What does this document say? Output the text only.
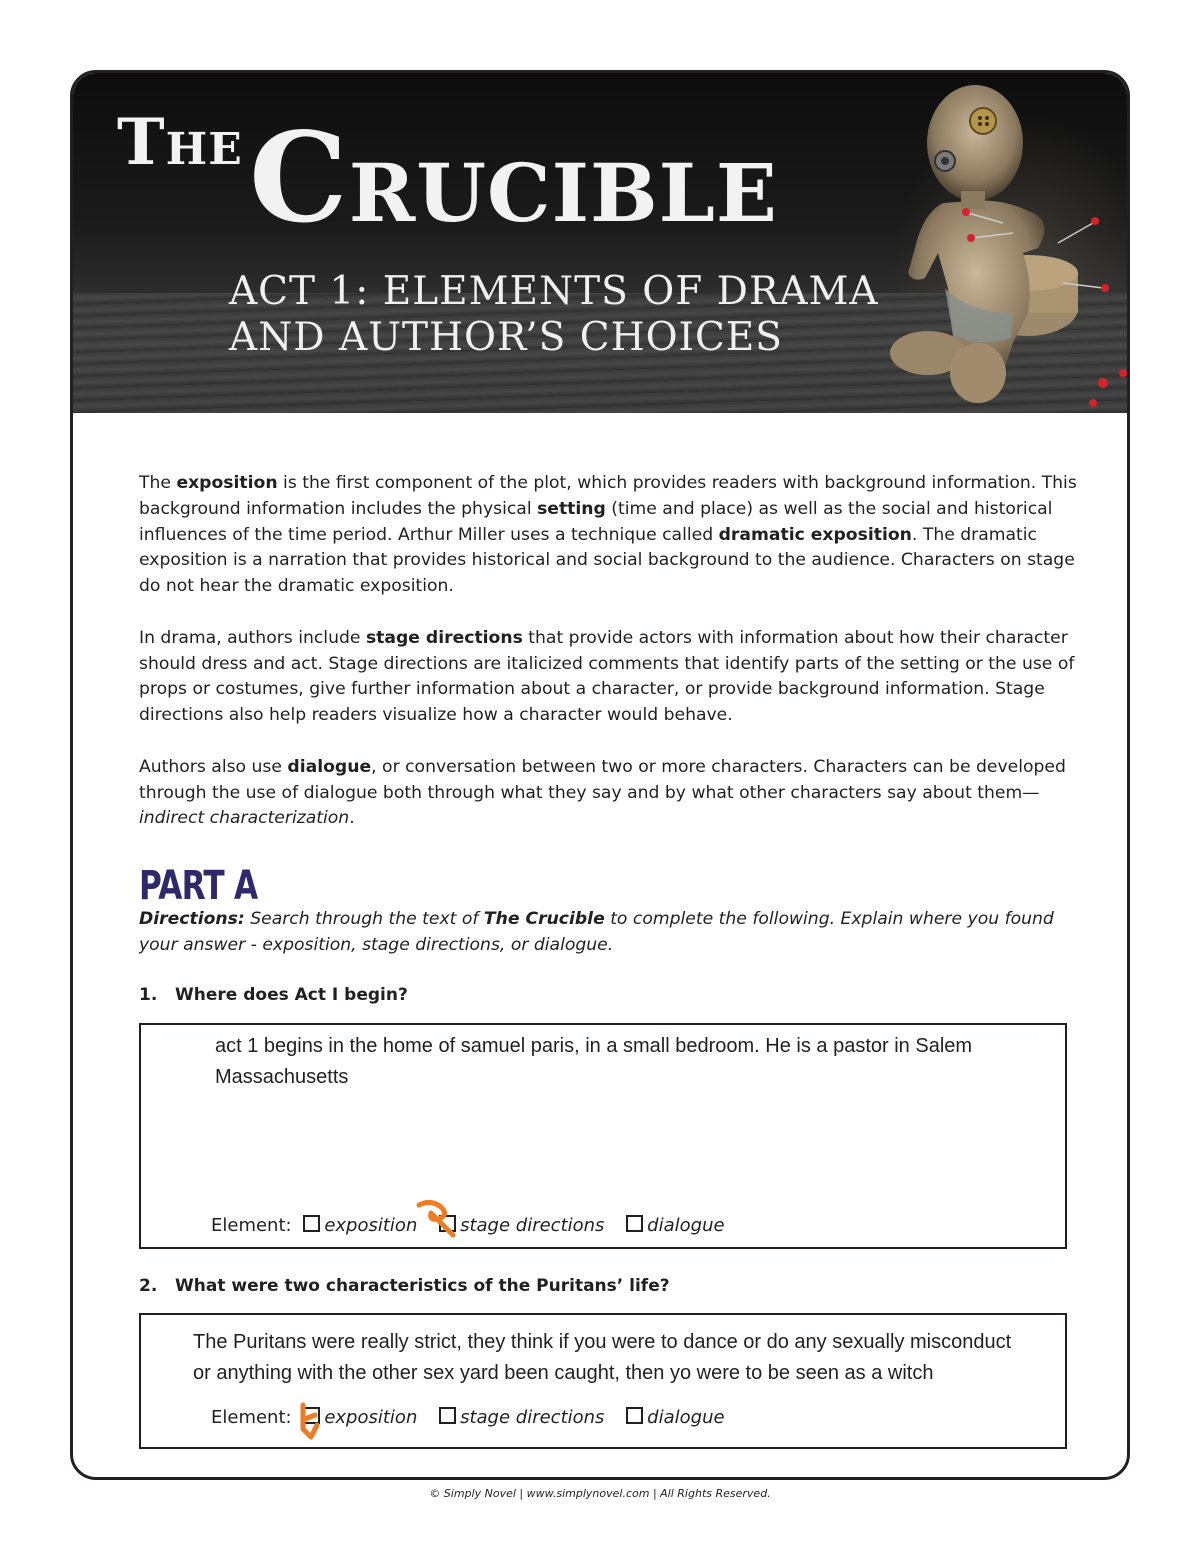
THE CRUCIBLE
ACT 1: ELEMENTS OF DRAMA
AND AUTHOR’S CHOICES

The exposition is the first component of the plot, which provides readers with background information. This background information includes the physical setting (time and place) as well as the social and historical influences of the time period. Arthur Miller uses a technique called dramatic exposition. The dramatic exposition is a narration that provides historical and social background to the audience. Characters on stage do not hear the dramatic exposition.

In drama, authors include stage directions that provide actors with information about how their character should dress and act. Stage directions are italicized comments that identify parts of the setting or the use of props or costumes, give further information about a character, or provide background information. Stage directions also help readers visualize how a character would behave.

Authors also use dialogue, or conversation between two or more characters. Characters can be developed through the use of dialogue both through what they say and by what other characters say about them—indirect characterization.

PART A
Directions: Search through the text of The Crucible to complete the following. Explain where you found your answer - exposition, stage directions, or dialogue.
1. Where does Act I begin?
act 1 begins in the home of samuel paris, in a small bedroom. He is a pastor in Salem Massachusetts
Element: exposition stage directions dialogue
2. What were two characteristics of the Puritans’ life?
The Puritans were really strict, they think if you were to dance or do any sexually misconduct or anything with the other sex yard been caught, then yo were to be seen as a witch
Element: exposition stage directions dialogue
© Simply Novel | www.simplynovel.com | All Rights Reserved.
